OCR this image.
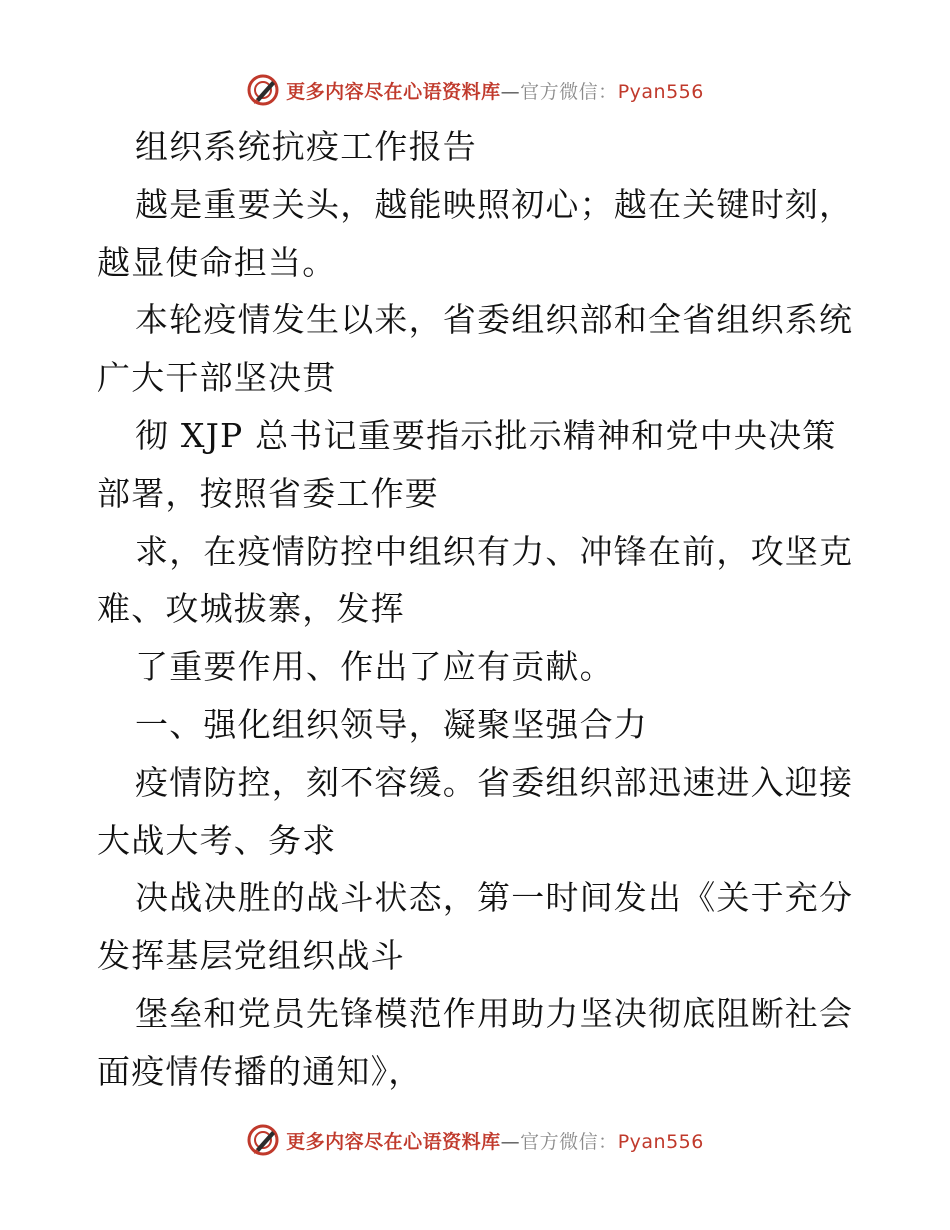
更多内容尽在心语资料库—官方微信：Pyan556

组织系统抗疫工作报告

越是重要关头，越能映照初心；越在关键时刻，

越显使命担当。

本轮疫情发生以来，省委组织部和全省组织系统

广大干部坚决贯

彻 XJP 总书记重要指示批示精神和党中央决策

部署，按照省委工作要

求，在疫情防控中组织有力、冲锋在前，攻坚克

难、攻城拔寨，发挥

了重要作用、作出了应有贡献。

一、强化组织领导，凝聚坚强合力

疫情防控，刻不容缓。省委组织部迅速进入迎接

大战大考、务求

决战决胜的战斗状态，第一时间发出《关于充分

发挥基层党组织战斗

堡垒和党员先锋模范作用助力坚决彻底阻断社会

面疫情传播的通知》，

更多内容尽在心语资料库—官方微信：Pyan556
